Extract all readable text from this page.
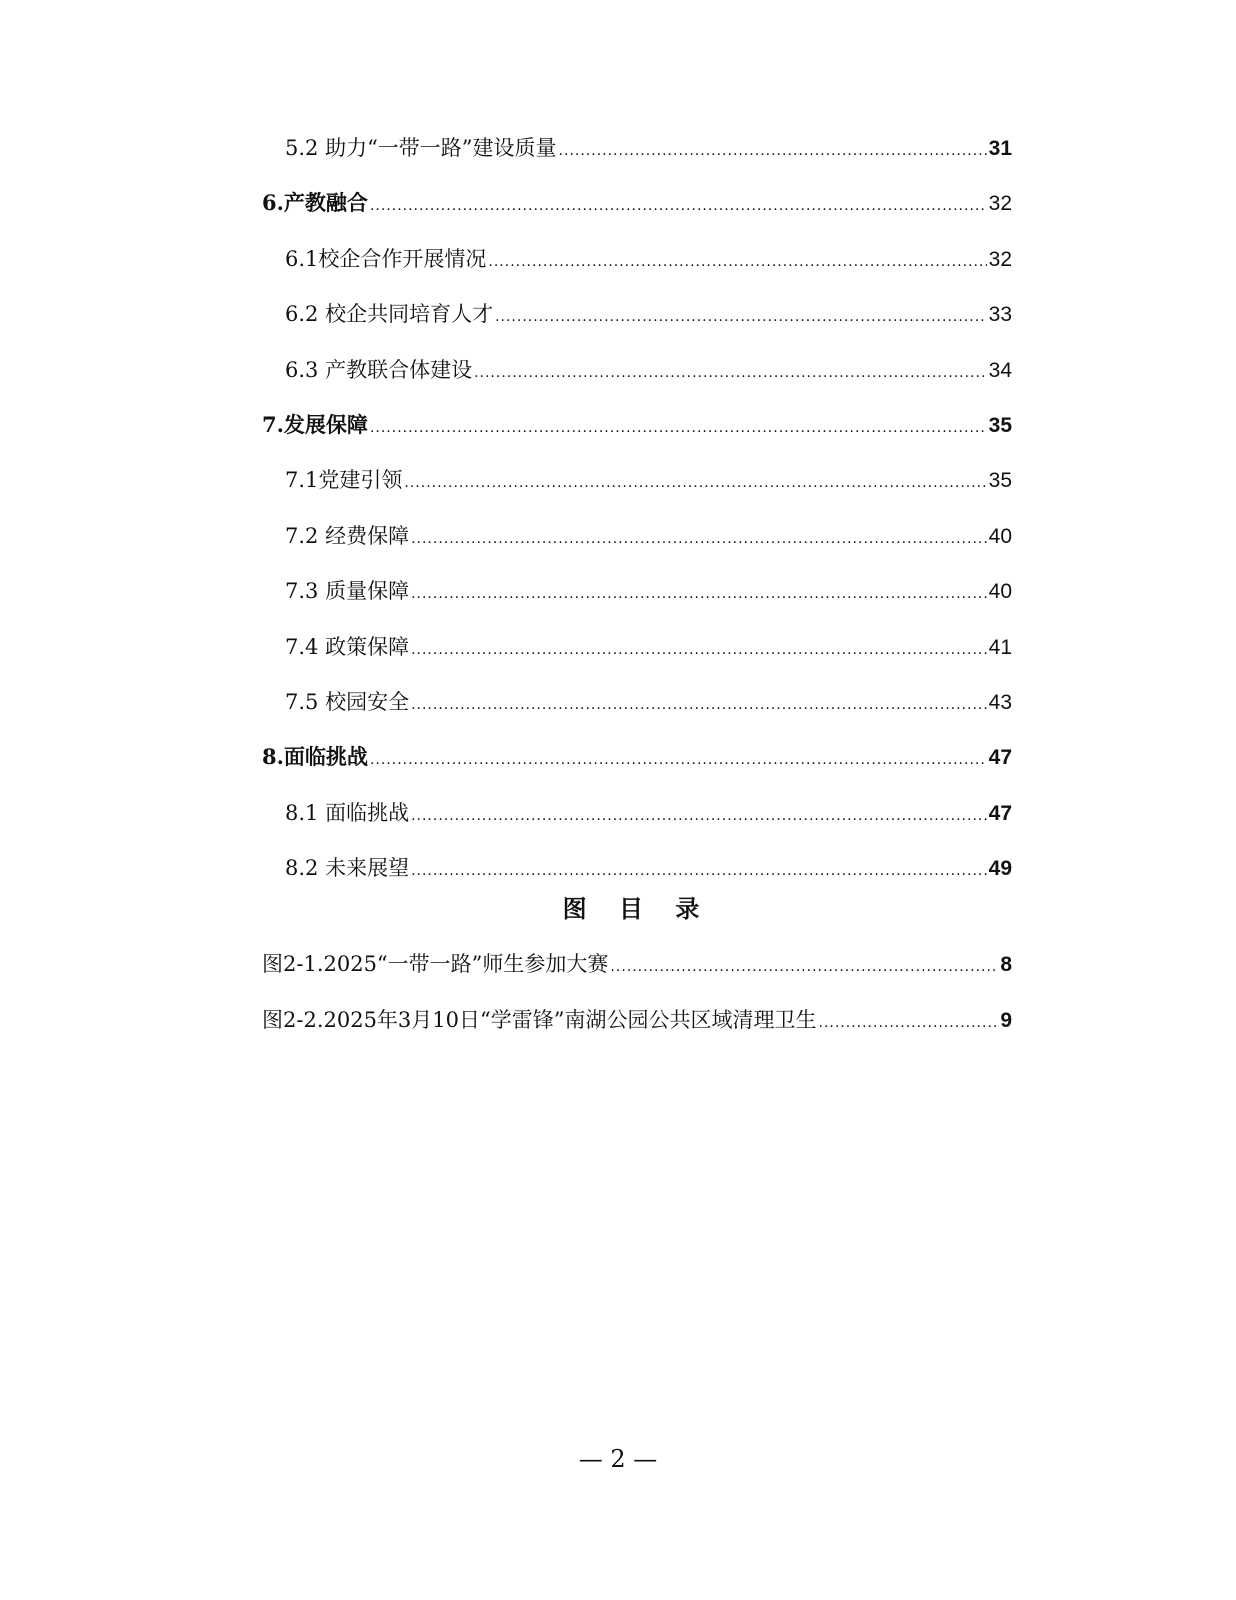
5.2 助力“一带一路”建设质量 .....	31
6.产教融合 .....	32
6.1校企合作开展情况 .....	32
6.2 校企共同培育人才 .....	33
6.3 产教联合体建设 .....	34
7.发展保障 .....	35
7.1党建引领 .....	35
7.2 经费保障 .....	40
7.3 质量保障 .....	40
7.4 政策保障 .....	41
7.5 校园安全 .....	43
8.面临挑战 .....	47
8.1 面临挑战 .....	47
8.2 未来展望 .....	49
图 目 录
图2-1.2025“一带一路”师生参加大赛 .....	8
图2-2.2025年3月10日“学雷锋”南湖公园公共区域清理卫生 .....	9
— 2 —
